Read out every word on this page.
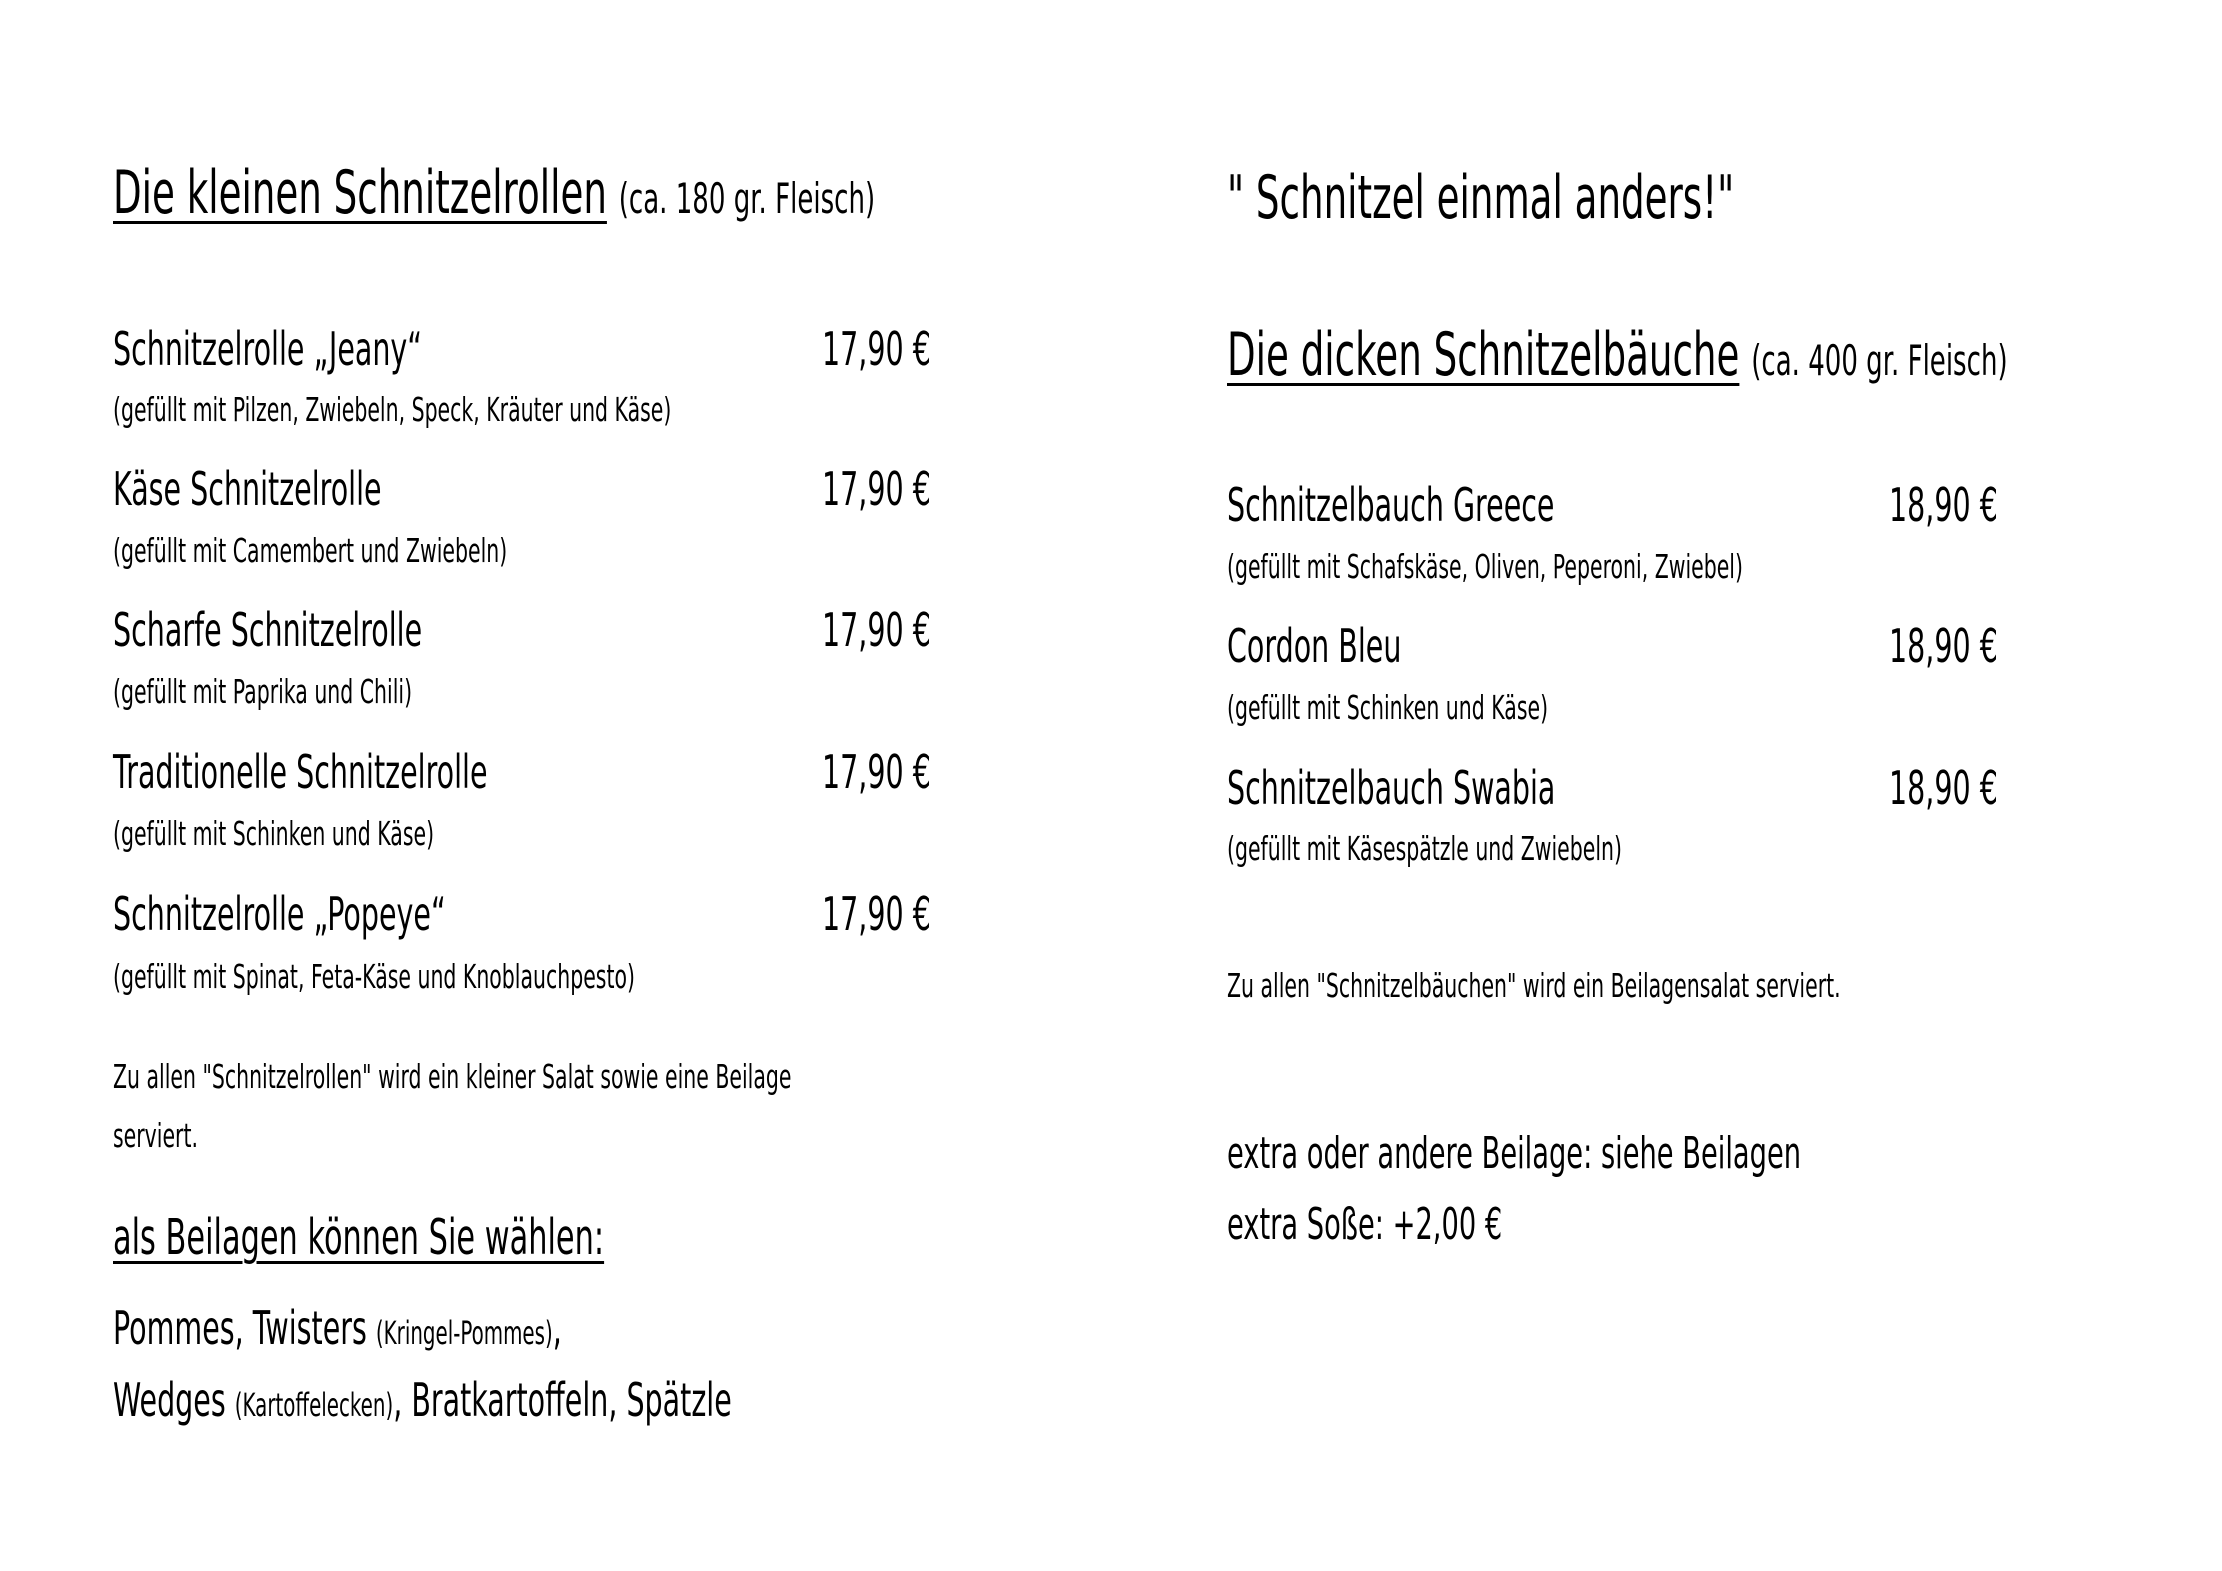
Die kleinen Schnitzelrollen (ca. 180 gr. Fleisch)
Schnitzelrolle „Jeany“	17,90 €
(gefüllt mit Pilzen, Zwiebeln, Speck, Kräuter und Käse)
Käse Schnitzelrolle	17,90 €
(gefüllt mit Camembert und Zwiebeln)
Scharfe Schnitzelrolle	17,90 €
(gefüllt mit Paprika und Chili)
Traditionelle Schnitzelrolle	17,90 €
(gefüllt mit Schinken und Käse)
Schnitzelrolle „Popeye“	17,90 €
(gefüllt mit Spinat, Feta-Käse und Knoblauchpesto)
Zu allen "Schnitzelrollen" wird ein kleiner Salat sowie eine Beilage
serviert.
als Beilagen können Sie wählen:
Pommes, Twisters (Kringel-Pommes),
Wedges (Kartoffelecken), Bratkartoffeln, Spätzle
" Schnitzel einmal anders!"
Die dicken Schnitzelbäuche (ca. 400 gr. Fleisch)
Schnitzelbauch Greece	18,90 €
(gefüllt mit Schafskäse, Oliven, Peperoni, Zwiebel)
Cordon Bleu	18,90 €
(gefüllt mit Schinken und Käse)
Schnitzelbauch Swabia	18,90 €
(gefüllt mit Käsespätzle und Zwiebeln)
Zu allen "Schnitzelbäuchen" wird ein Beilagensalat serviert.
extra oder andere Beilage: siehe Beilagen
extra Soße: +2,00 €
